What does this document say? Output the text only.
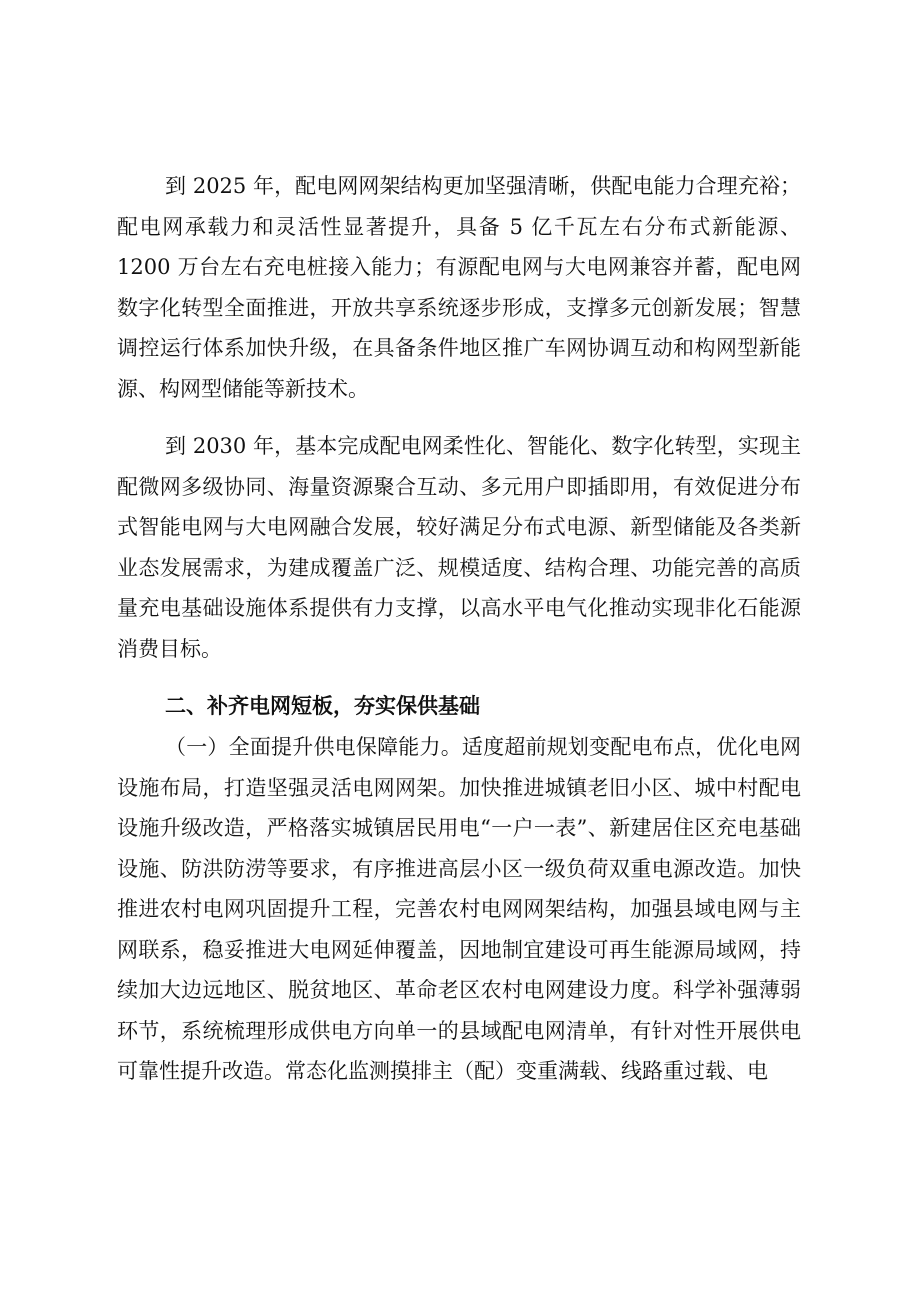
到 2025 年，配电网网架结构更加坚强清晰，供配电能力合理充裕；配电网承载力和灵活性显著提升，具备 5 亿千瓦左右分布式新能源、1200 万台左右充电桩接入能力；有源配电网与大电网兼容并蓄，配电网数字化转型全面推进，开放共享系统逐步形成，支撑多元创新发展；智慧调控运行体系加快升级，在具备条件地区推广车网协调互动和构网型新能源、构网型储能等新技术。

到 2030 年，基本完成配电网柔性化、智能化、数字化转型，实现主配微网多级协同、海量资源聚合互动、多元用户即插即用，有效促进分布式智能电网与大电网融合发展，较好满足分布式电源、新型储能及各类新业态发展需求，为建成覆盖广泛、规模适度、结构合理、功能完善的高质量充电基础设施体系提供有力支撑，以高水平电气化推动实现非化石能源消费目标。

二、补齐电网短板，夯实保供基础

（一）全面提升供电保障能力。适度超前规划变配电布点，优化电网设施布局，打造坚强灵活电网网架。加快推进城镇老旧小区、城中村配电设施升级改造，严格落实城镇居民用电“一户一表”、新建居住区充电基础设施、防洪防涝等要求，有序推进高层小区一级负荷双重电源改造。加快推进农村电网巩固提升工程，完善农村电网网架结构，加强县域电网与主网联系，稳妥推进大电网延伸覆盖，因地制宜建设可再生能源局域网，持续加大边远地区、脱贫地区、革命老区农村电网建设力度。科学补强薄弱环节，系统梳理形成供电方向单一的县域配电网清单，有针对性开展供电可靠性提升改造。常态化监测摸排主（配）变重满载、线路重过载、电
